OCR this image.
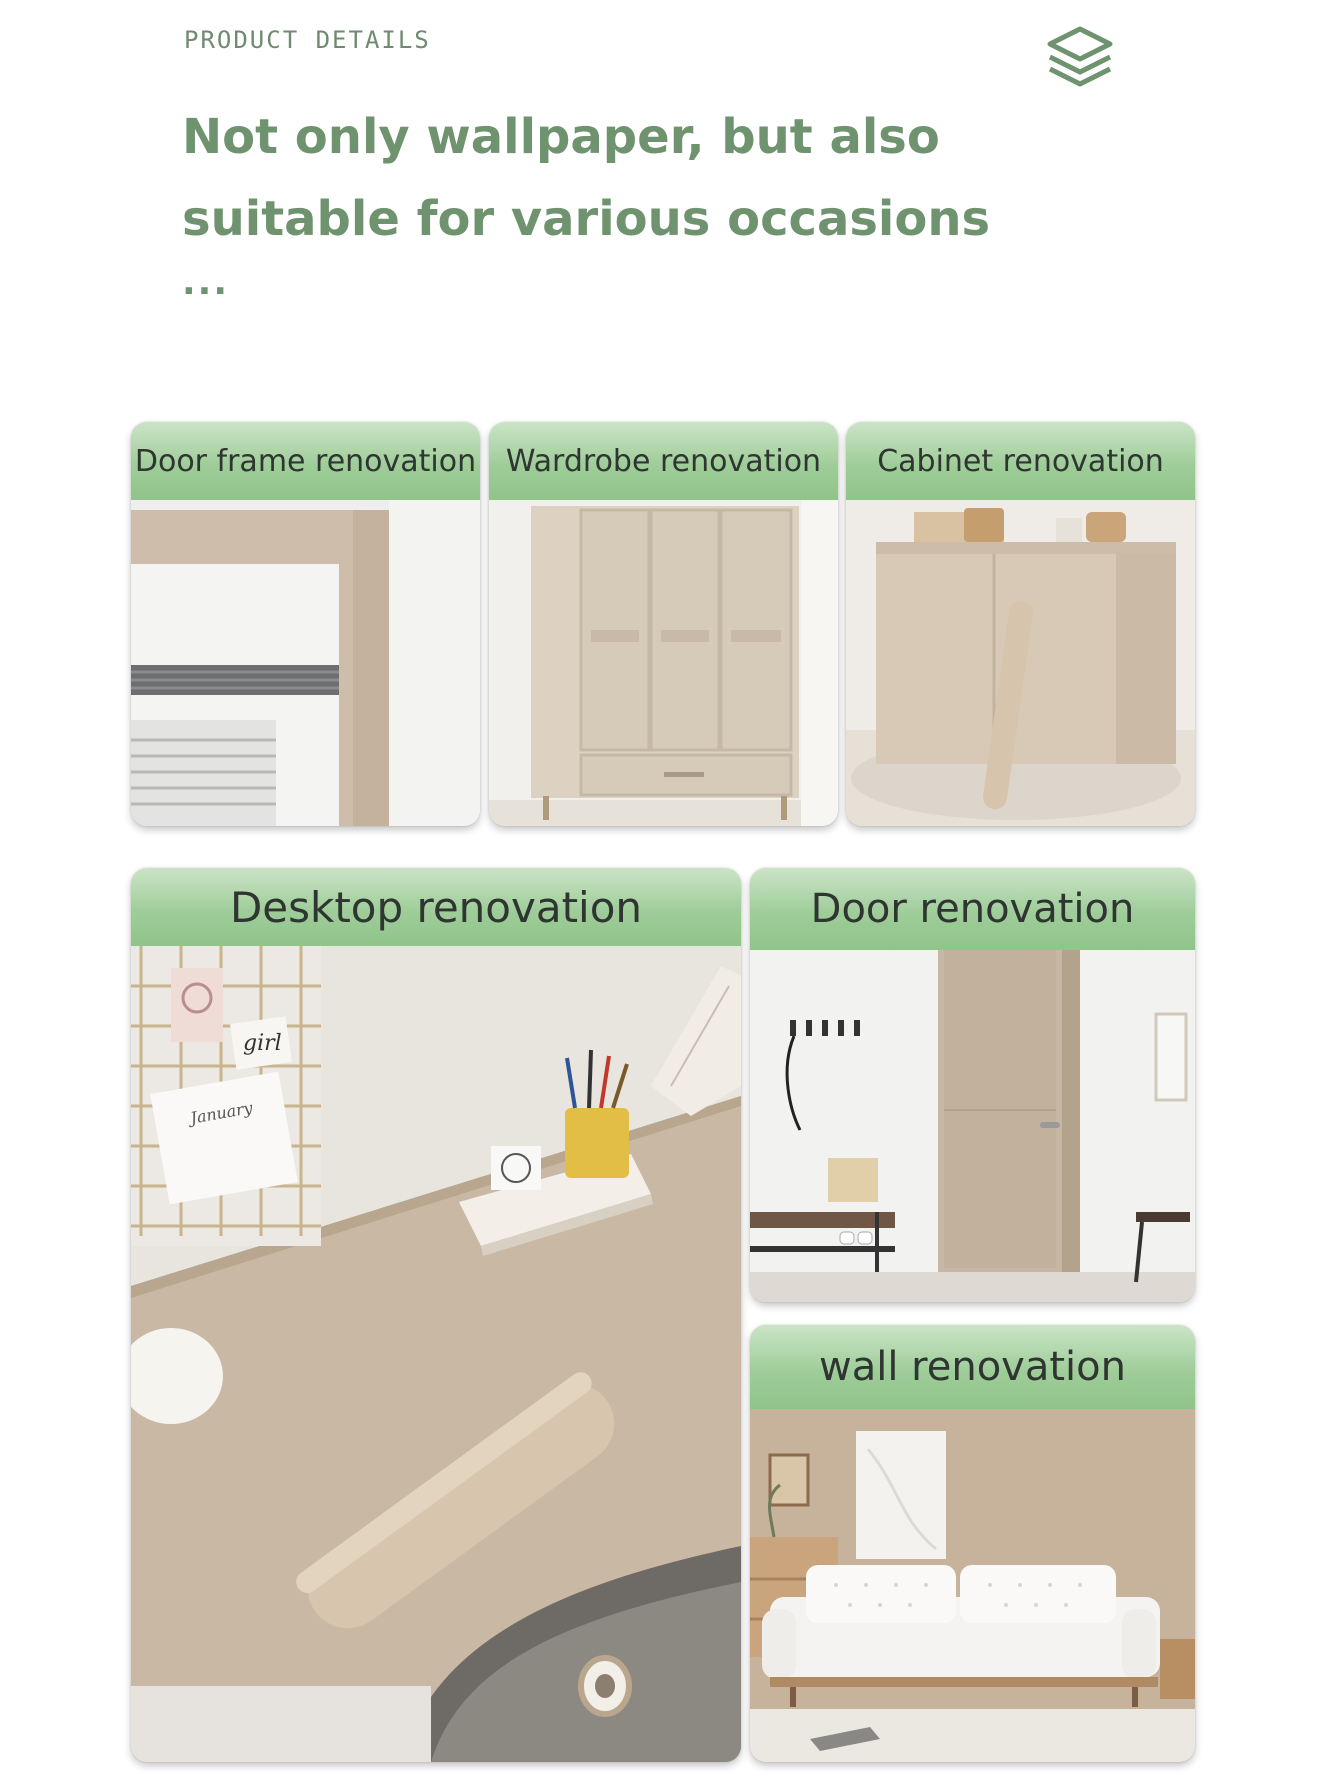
PRODUCT DETAILS
Not only wallpaper, but also
suitable for various occasions
...
Door frame renovation Wardrobe renovation	Cabinet renovation
Desktop renovation
girl
January
Door renovation
wall renovation
